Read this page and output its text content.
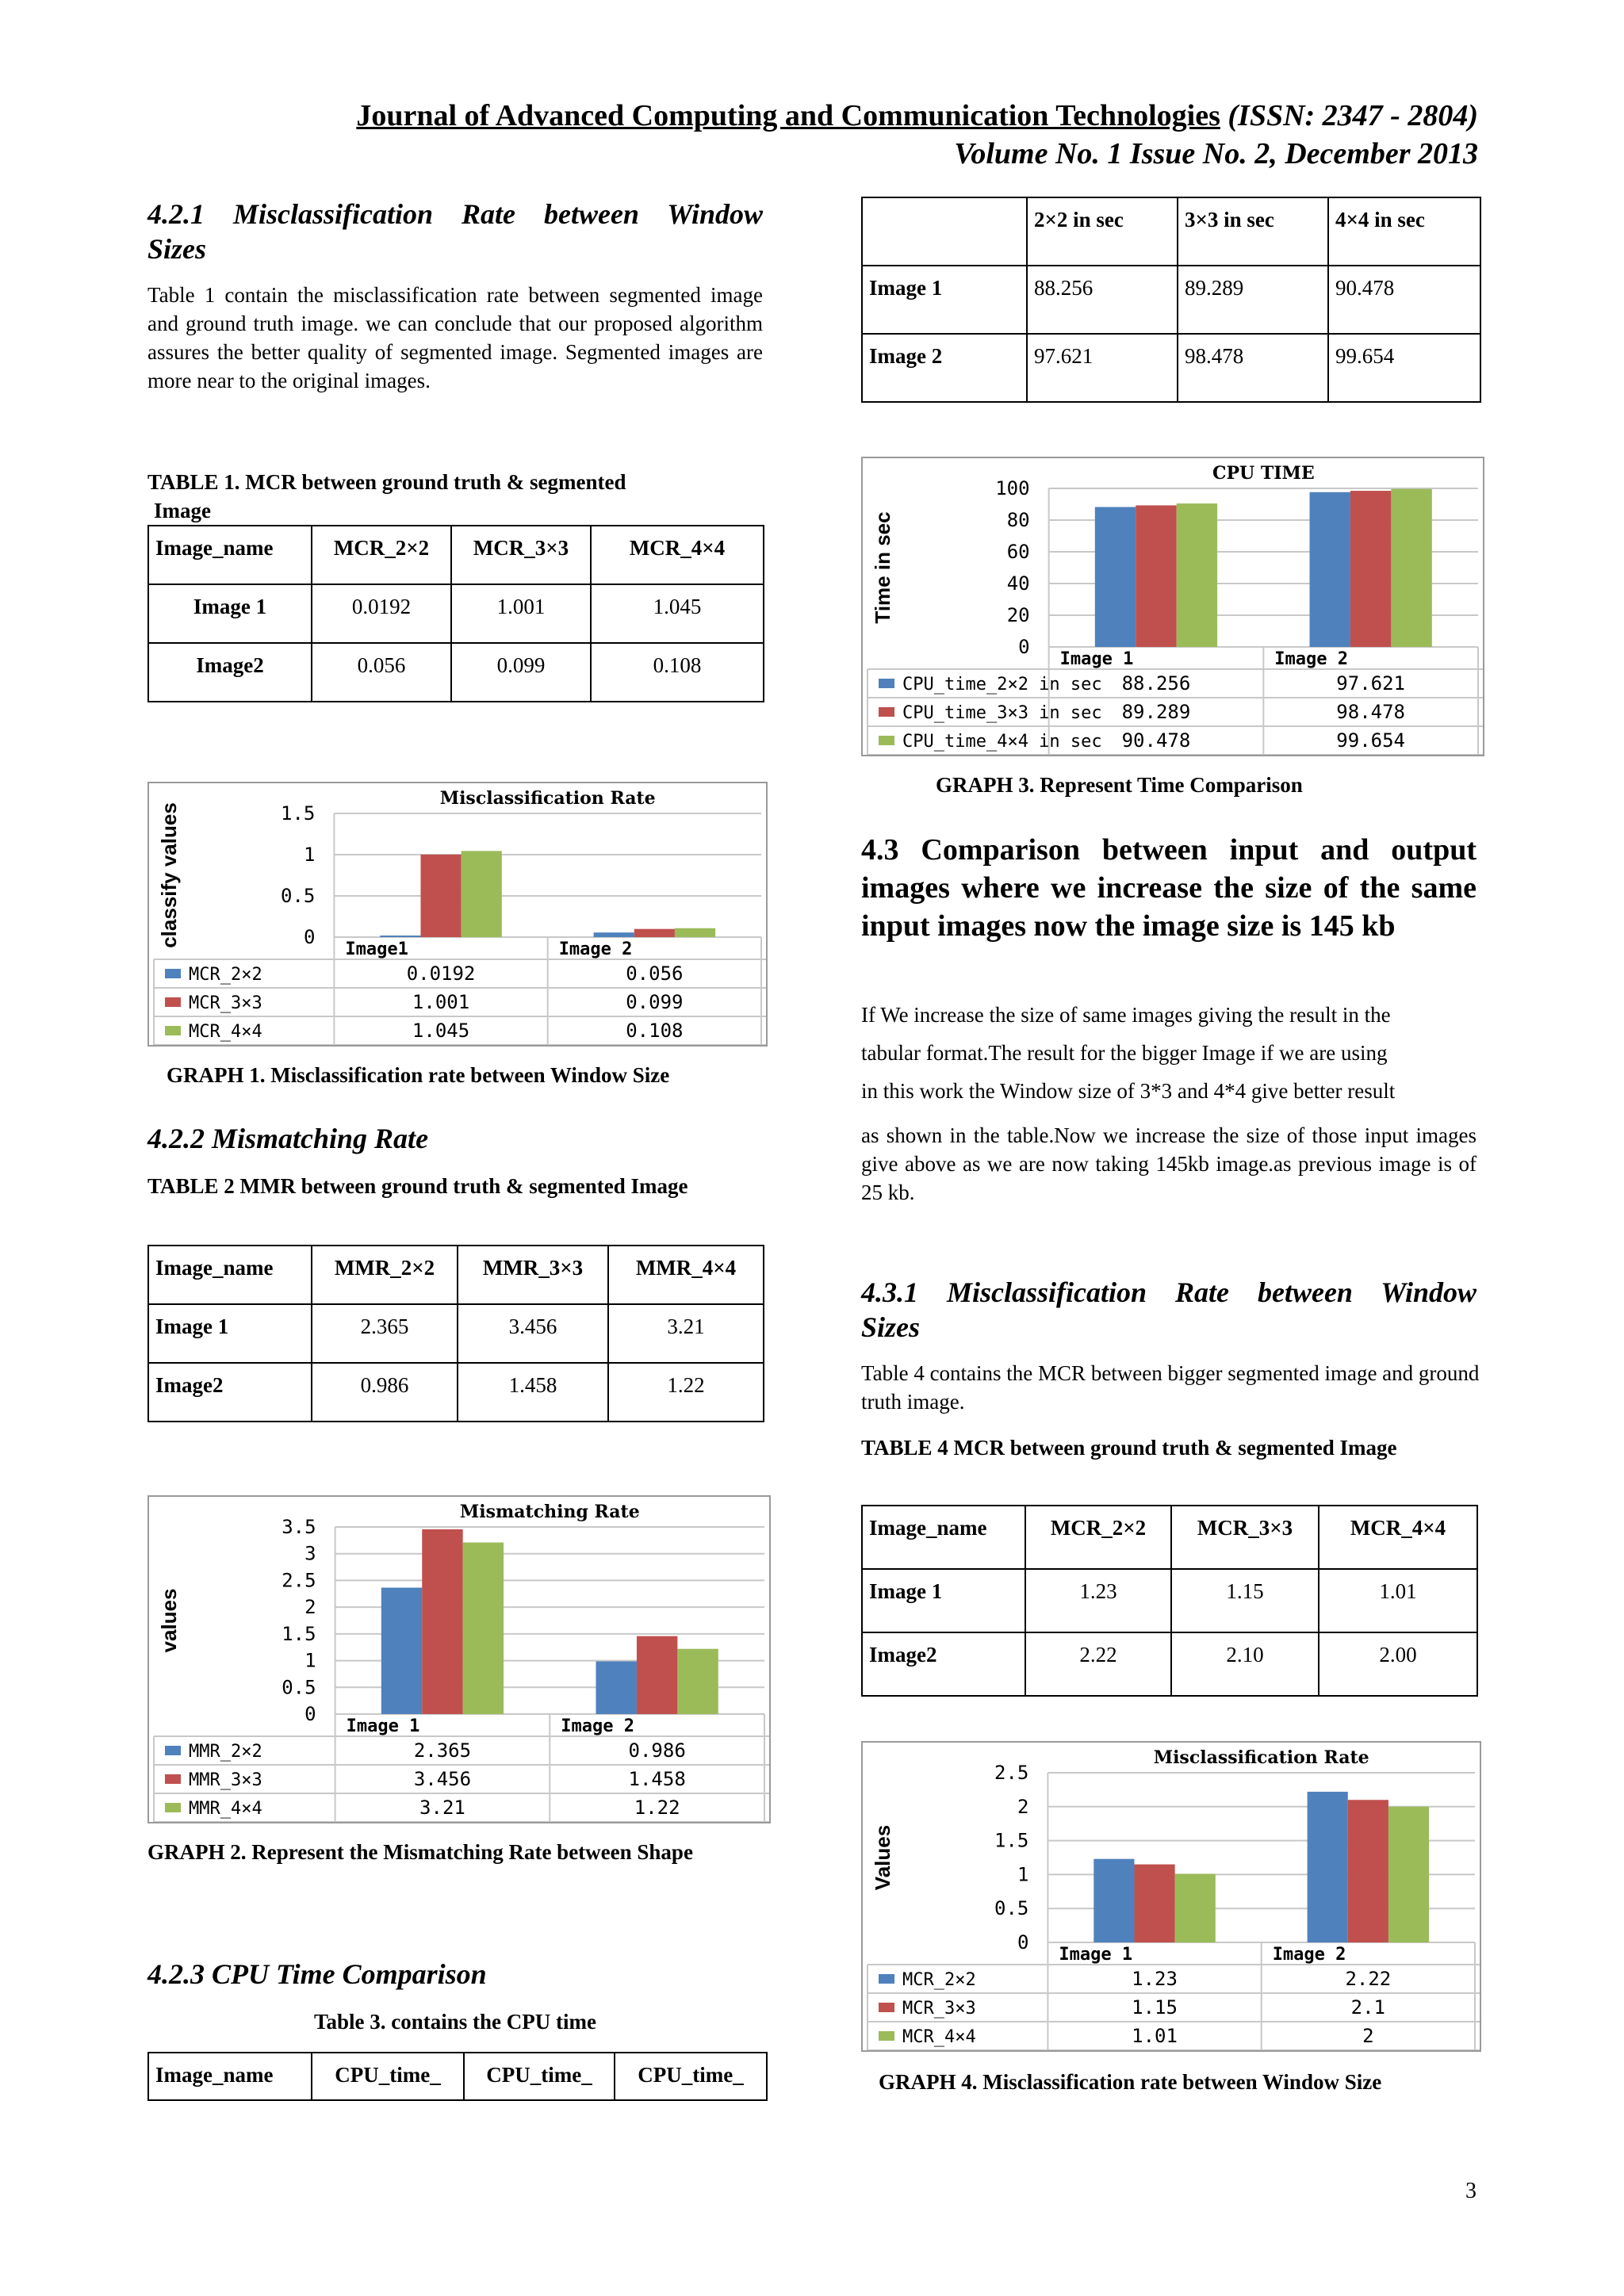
Journal of Advanced Computing and Communication Technologies (ISSN: 2347 - 2804)
Volume No. 1 Issue No. 2, December 2013
4.2.1 Misclassification Rate between Window
Sizes
Table 1 contain the misclassification rate between segmented image and ground truth image. we can conclude that our proposed algorithm assures the better quality of segmented image. Segmented images are more near to the original images.
TABLE 1. MCR between ground truth & segmented
Image
Image_name	MCR_2×2	MCR_3×3	MCR_4×4
Image 1	0.0192	1.001	1.045
Image2	0.056	0.099	0.108
Misclassification Rate
classify values	0
0.5
1
1.5
Image1	Image 2
MCR_2×2	0.0192	0.056
MCR_3×3	1.001	0.099
MCR_4×4	1.045	0.108
GRAPH 1. Misclassification rate between Window Size
4.2.2 Mismatching Rate
TABLE 2 MMR between ground truth & segmented Image
Image_name	MMR_2×2	MMR_3×3	MMR_4×4
Image 1	2.365	3.456	3.21
Image2	0.986	1.458	1.22
Mismatching Rate
values
0
0.5
1
1.5
2
2.5
3
3.5
Image 1	Image 2
MMR_2×2	2.365	0.986
MMR_3×3	3.456	1.458
MMR_4×4	3.21	1.22
GRAPH 2. Represent the Mismatching Rate between Shape
4.2.3 CPU Time Comparison
Table 3. contains the CPU time
Image_name	CPU_time_	CPU_time_	CPU_time_
	2×2 in sec	3×3 in sec	4×4 in sec
Image 1	88.256	89.289	90.478
Image 2	97.621	98.478	99.654
CPU TIME
Time in sec
0
20
40
60
80
100
Image 1	Image 2
CPU_time_2×2 in sec 88.256	97.621
CPU_time_3×3 in sec 89.289	98.478
CPU_time_4×4 in sec 90.478	99.654
GRAPH 3. Represent Time Comparison
4.3 Comparison between input and output images where we increase the size of the same input images now the image size is 145 kb
If We increase the size of same images giving the result in the
tabular format.The result for the bigger Image if we are using
in this work the Window size of 3*3 and 4*4 give better result
as shown in the table.Now we increase the size of those input images give above as we are now taking 145kb image.as previous image is of 25 kb.
4.3.1 Misclassification Rate between Window
Sizes
Table 4 contains the MCR between bigger segmented image and ground truth image.
TABLE 4 MCR between ground truth & segmented Image
Image_name	MCR_2×2	MCR_3×3	MCR_4×4
Image 1	1.23	1.15	1.01
Image2	2.22	2.10	2.00
Misclassification Rate
Values
0
0.5
1
1.5
2
2.5
Image 1	Image 2
MCR_2×2	1.23	2.22
MCR_3×3	1.15	2.1
MCR_4×4	1.01	2
GRAPH 4. Misclassification rate between Window Size
3
